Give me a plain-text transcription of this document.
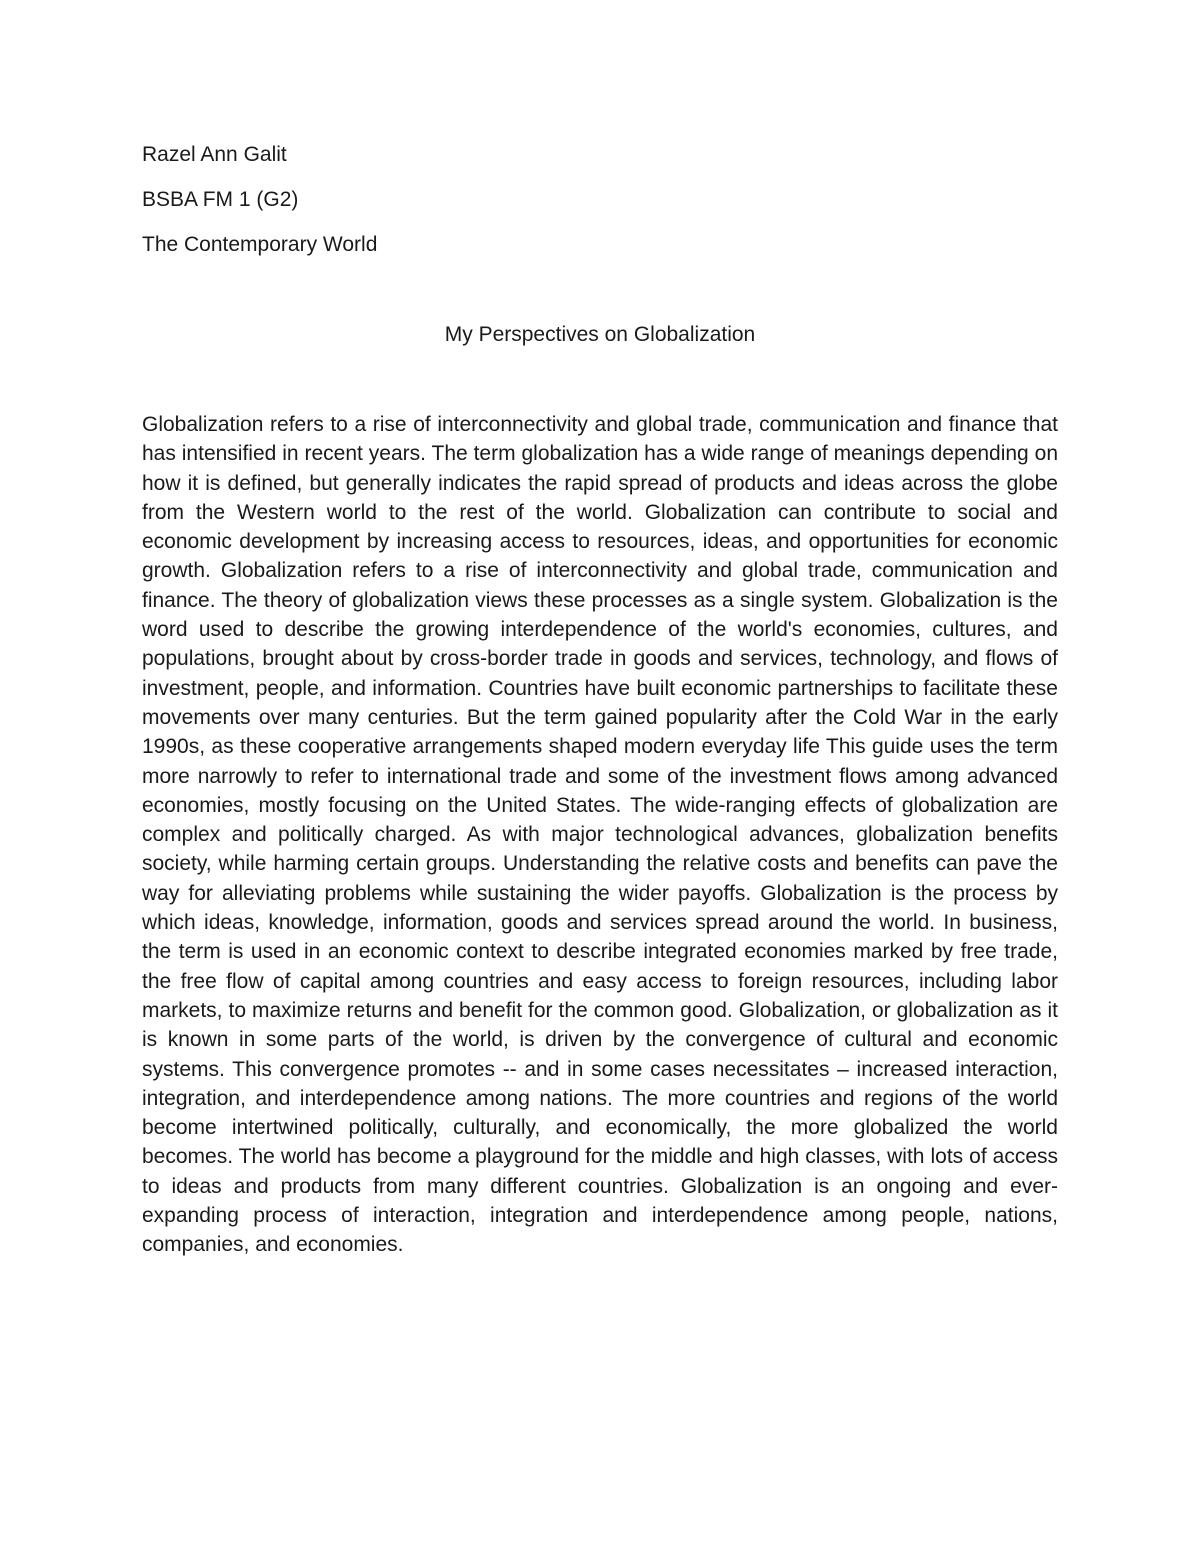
Razel Ann Galit
BSBA FM 1 (G2)
The Contemporary World
My Perspectives on Globalization

Globalization refers to a rise of interconnectivity and global trade, communication and finance that has intensified in recent years. The term globalization has a wide range of meanings depending on how it is defined, but generally indicates the rapid spread of products and ideas across the globe from the Western world to the rest of the world. Globalization can contribute to social and economic development by increasing access to resources, ideas, and opportunities for economic growth. Globalization refers to a rise of interconnectivity and global trade, communication and finance. The theory of globalization views these processes as a single system. Globalization is the word used to describe the growing interdependence of the world's economies, cultures, and populations, brought about by cross-border trade in goods and services, technology, and flows of investment, people, and information. Countries have built economic partnerships to facilitate these movements over many centuries. But the term gained popularity after the Cold War in the early 1990s, as these cooperative arrangements shaped modern everyday life This guide uses the term more narrowly to refer to international trade and some of the investment flows among advanced economies, mostly focusing on the United States. The wide-ranging effects of globalization are complex and politically charged. As with major technological advances, globalization benefits society, while harming certain groups. Understanding the relative costs and benefits can pave the way for alleviating problems while sustaining the wider payoffs. Globalization is the process by which ideas, knowledge, information, goods and services spread around the world. In business, the term is used in an economic context to describe integrated economies marked by free trade, the free flow of capital among countries and easy access to foreign resources, including labor markets, to maximize returns and benefit for the common good. Globalization, or globalization as it is known in some parts of the world, is driven by the convergence of cultural and economic systems. This convergence promotes -- and in some cases necessitates – increased interaction, integration, and interdependence among nations. The more countries and regions of the world become intertwined politically, culturally, and economically, the more globalized the world becomes. The world has become a playground for the middle and high classes, with lots of access to ideas and products from many different countries. Globalization is an ongoing and ever-expanding process of interaction, integration and interdependence among people, nations, companies, and economies.
